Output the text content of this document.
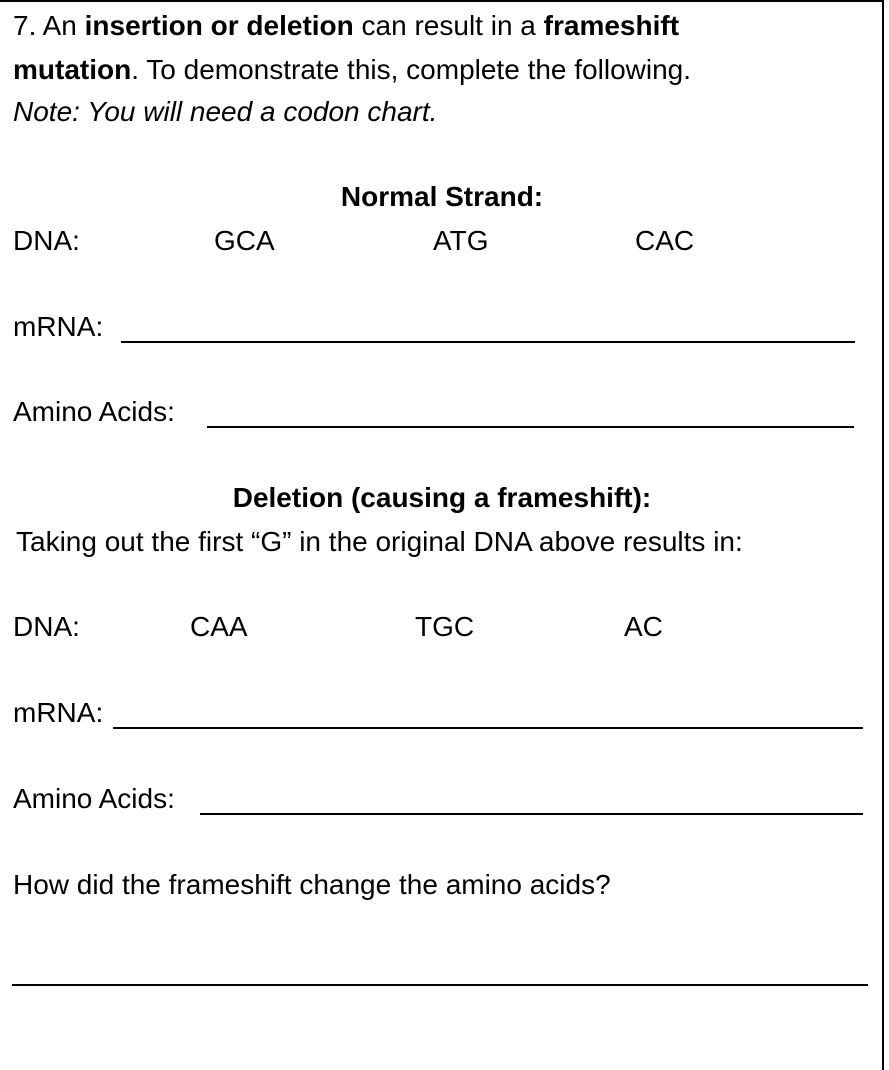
7. An insertion or deletion can result in a frameshift
mutation. To demonstrate this, complete the following.
Note: You will need a codon chart.
Normal Strand:
DNA:	GCA	ATG	CAC
mRNA:
Amino Acids:
Deletion (causing a frameshift):
Taking out the first “G” in the original DNA above results in:
DNA:	CAA	TGC	AC
mRNA:
Amino Acids:
How did the frameshift change the amino acids?
